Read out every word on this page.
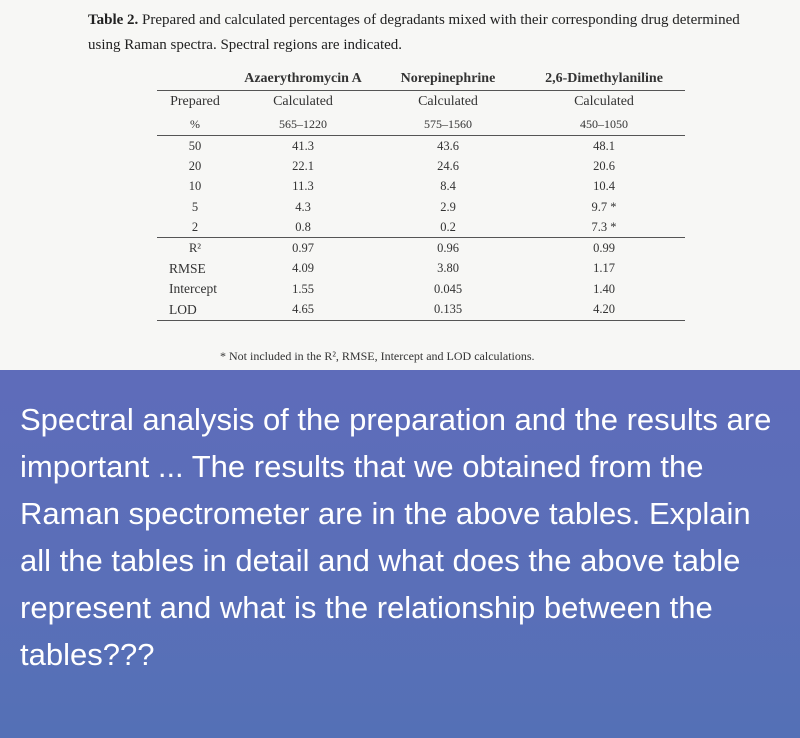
Table 2. Prepared and calculated percentages of degradants mixed with their corresponding drug determined using Raman spectra. Spectral regions are indicated.
	Azaerythromycin A	Norepinephrine	2,6-Dimethylaniline
Prepared	Calculated	Calculated	Calculated
%	565–1220	575–1560	450–1050
50	41.3	43.6	48.1
20	22.1	24.6	20.6
10	11.3	8.4	10.4
5	4.3	2.9	9.7 *
2	0.8	0.2	7.3 *
R²	0.97	0.96	0.99
RMSE	4.09	3.80	1.17
Intercept	1.55	0.045	1.40
LOD	4.65	0.135	4.20
* Not included in the R², RMSE, Intercept and LOD calculations.
Spectral analysis of the preparation and the results are important ... The results that we obtained from the Raman spectrometer are in the above tables. Explain all the tables in detail and what does the above table represent and what is the relationship between the tables???
